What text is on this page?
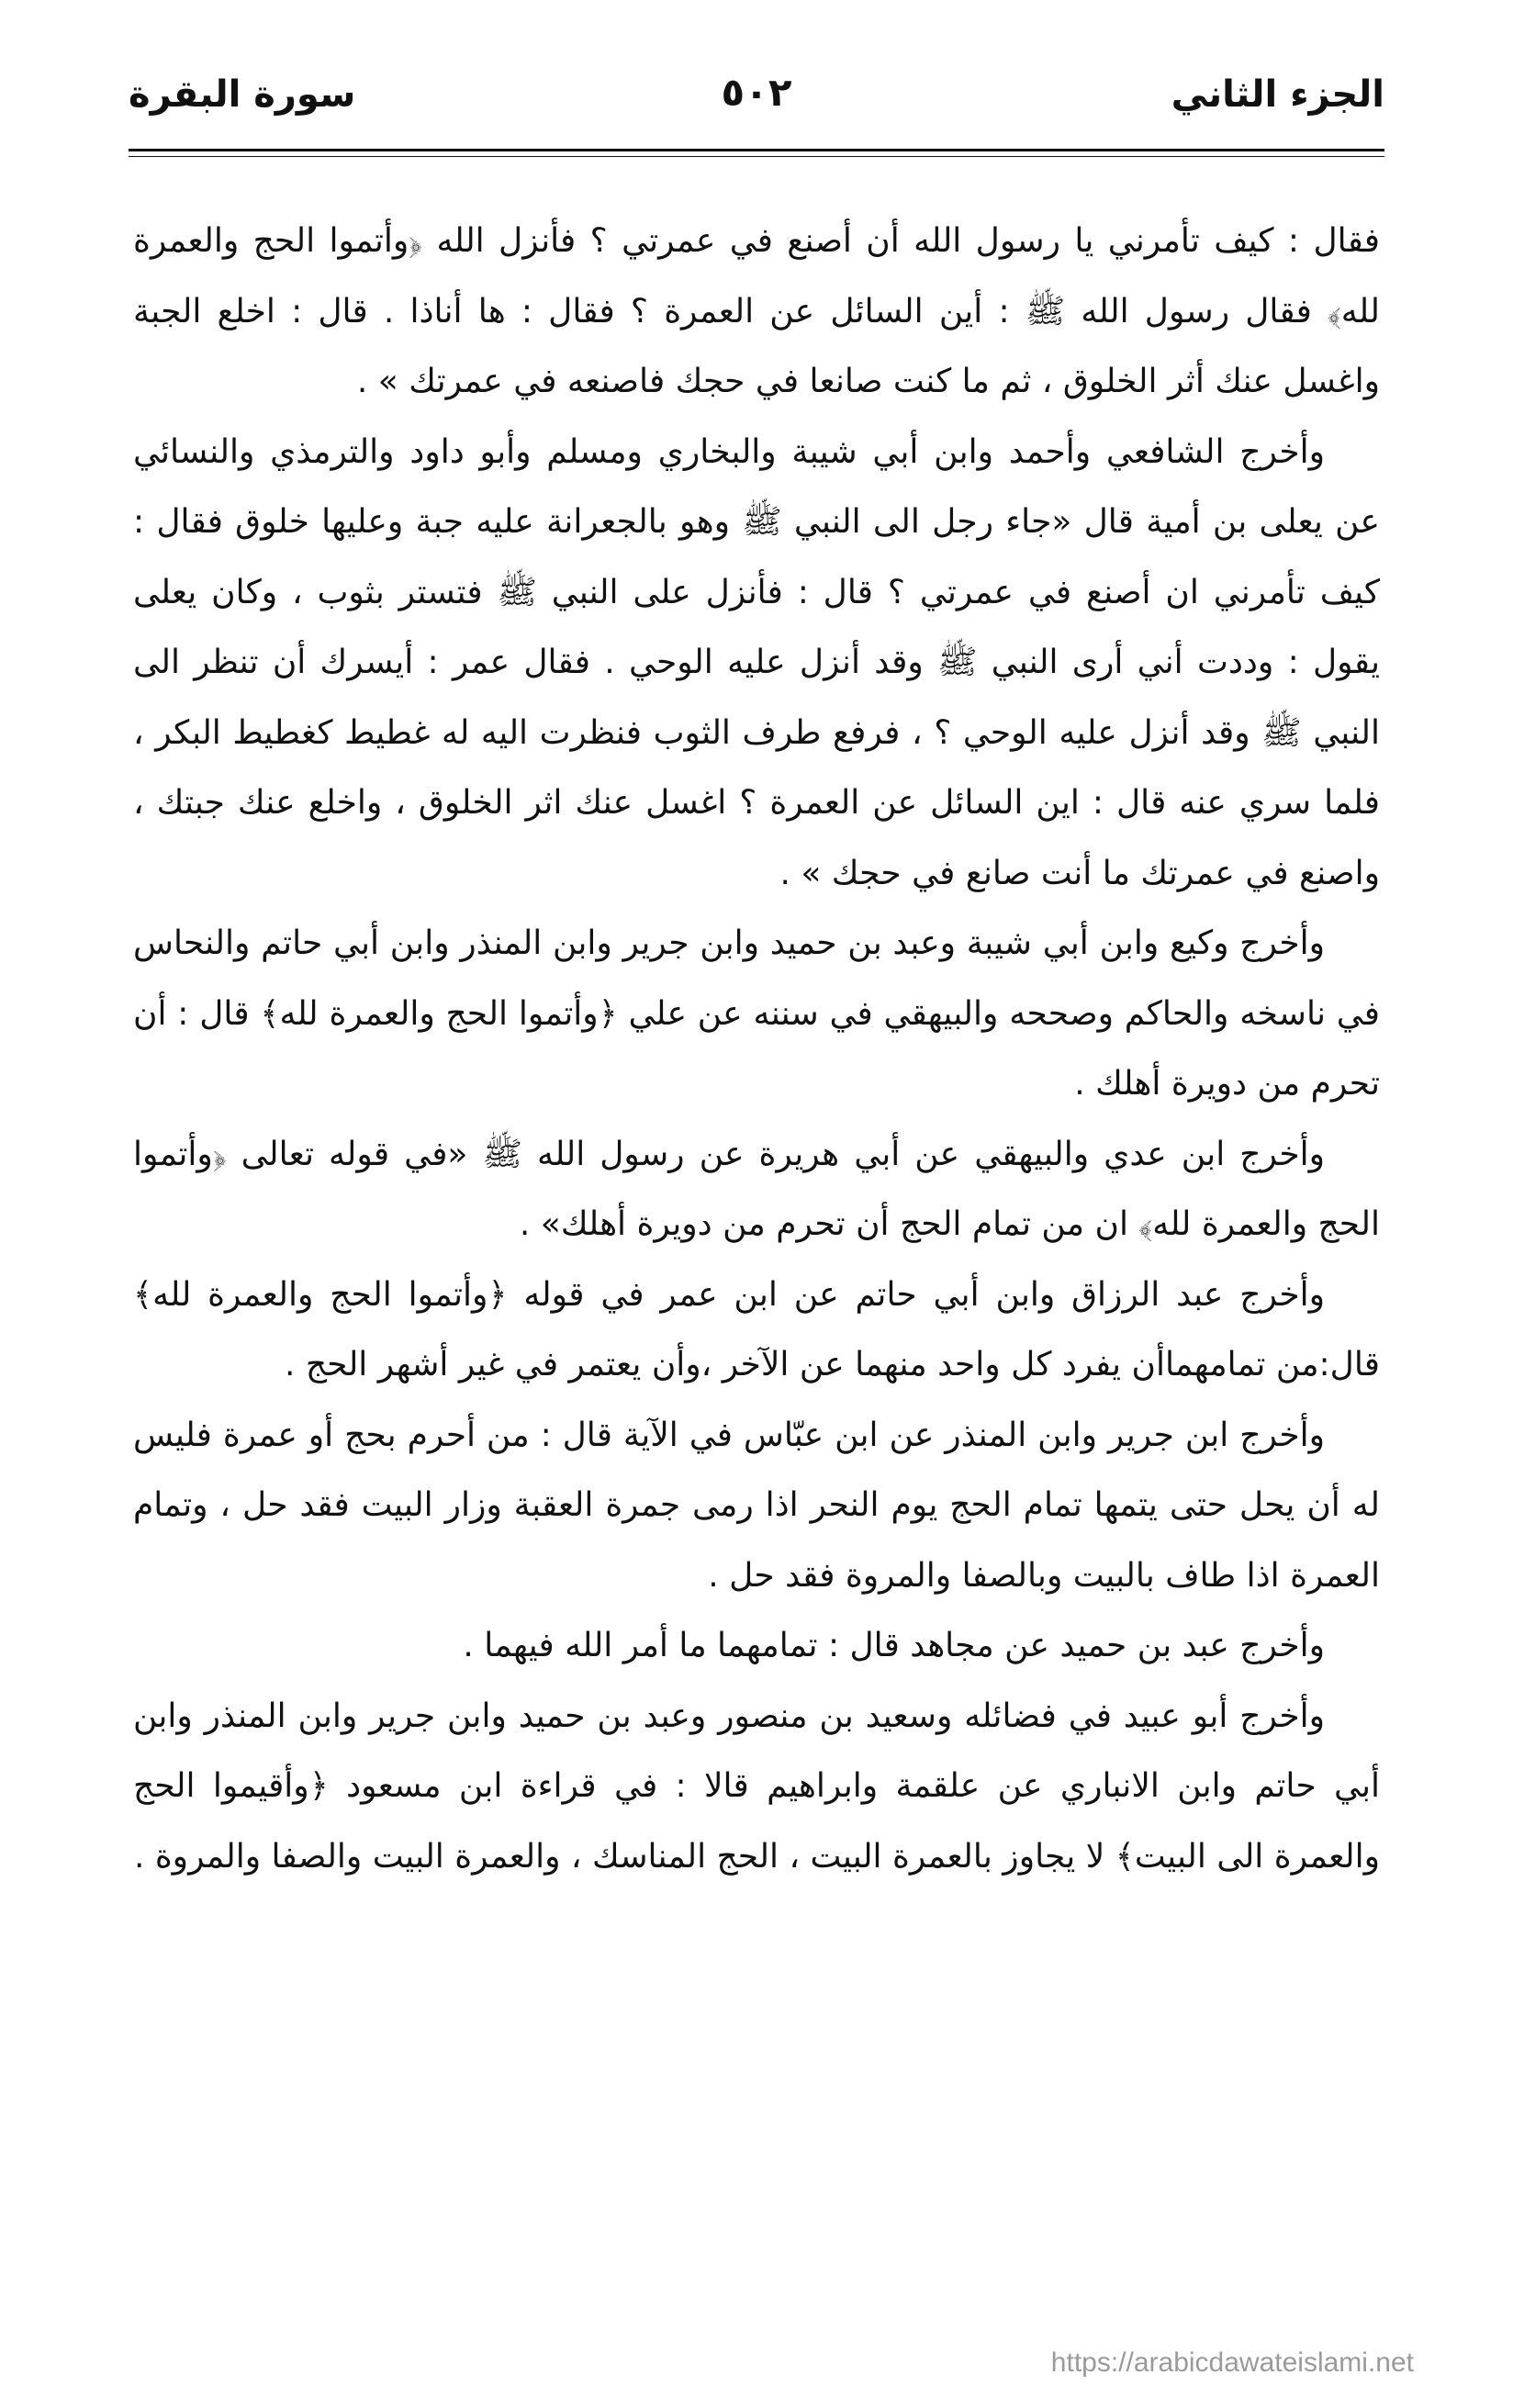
الجزء الثاني
٥٠٢
سورة البقرة

فقال : كيف تأمرني يا رسول الله أن أصنع في عمرتي ؟ فأنزل الله ﴿وأتموا الحج والعمرة لله﴾ فقال رسول الله ﷺ : أين السائل عن العمرة ؟ فقال : ها أناذا . قال : اخلع الجبة واغسل عنك أثر الخلوق ، ثم ما كنت صانعا في حجك فاصنعه في عمرتك » .

وأخرج الشافعي وأحمد وابن أبي شيبة والبخاري ومسلم وأبو داود والترمذي والنسائي عن يعلى بن أمية قال «جاء رجل الى النبي ﷺ وهو بالجعرانة عليه جبة وعليها خلوق فقال : كيف تأمرني ان أصنع في عمرتي ؟ قال : فأنزل على النبي ﷺ فتستر بثوب ، وكان يعلى يقول : وددت أني أرى النبي ﷺ وقد أنزل عليه الوحي . فقال عمر : أيسرك أن تنظر الى النبي ﷺ وقد أنزل عليه الوحي ؟ ، فرفع طرف الثوب فنظرت اليه له غطيط كغطيط البكر ، فلما سري عنه قال : اين السائل عن العمرة ؟ اغسل عنك اثر الخلوق ، واخلع عنك جبتك ، واصنع في عمرتك ما أنت صانع في حجك » .

وأخرج وكيع وابن أبي شيبة وعبد بن حميد وابن جرير وابن المنذر وابن أبي حاتم والنحاس في ناسخه والحاكم وصححه والبيهقي في سننه عن علي ﴿وأتموا الحج والعمرة لله﴾ قال : أن تحرم من دويرة أهلك .

وأخرج ابن عدي والبيهقي عن أبي هريرة عن رسول الله ﷺ «في قوله تعالى ﴿وأتموا الحج والعمرة لله﴾ ان من تمام الحج أن تحرم من دويرة أهلك» .

وأخرج عبد الرزاق وابن أبي حاتم عن ابن عمر في قوله ﴿وأتموا الحج والعمرة لله﴾قال:من تمامهماأن يفرد كل واحد منهما عن الآخر ،وأن يعتمر في غير أشهر الحج .

وأخرج ابن جرير وابن المنذر عن ابن عبّاس في الآية قال : من أحرم بحج أو عمرة فليس له أن يحل حتى يتمها تمام الحج يوم النحر اذا رمى جمرة العقبة وزار البيت فقد حل ، وتمام العمرة اذا طاف بالبيت وبالصفا والمروة فقد حل .

وأخرج عبد بن حميد عن مجاهد قال : تمامهما ما أمر الله فيهما .

وأخرج أبو عبيد في فضائله وسعيد بن منصور وعبد بن حميد وابن جرير وابن المنذر وابن أبي حاتم وابن الانباري عن علقمة وابراهيم قالا : في قراءة ابن مسعود ﴿وأقيموا الحج والعمرة الى البيت﴾ لا يجاوز بالعمرة البيت ، الحج المناسك ، والعمرة البيت والصفا والمروة .

https://arabicdawateislami.net
